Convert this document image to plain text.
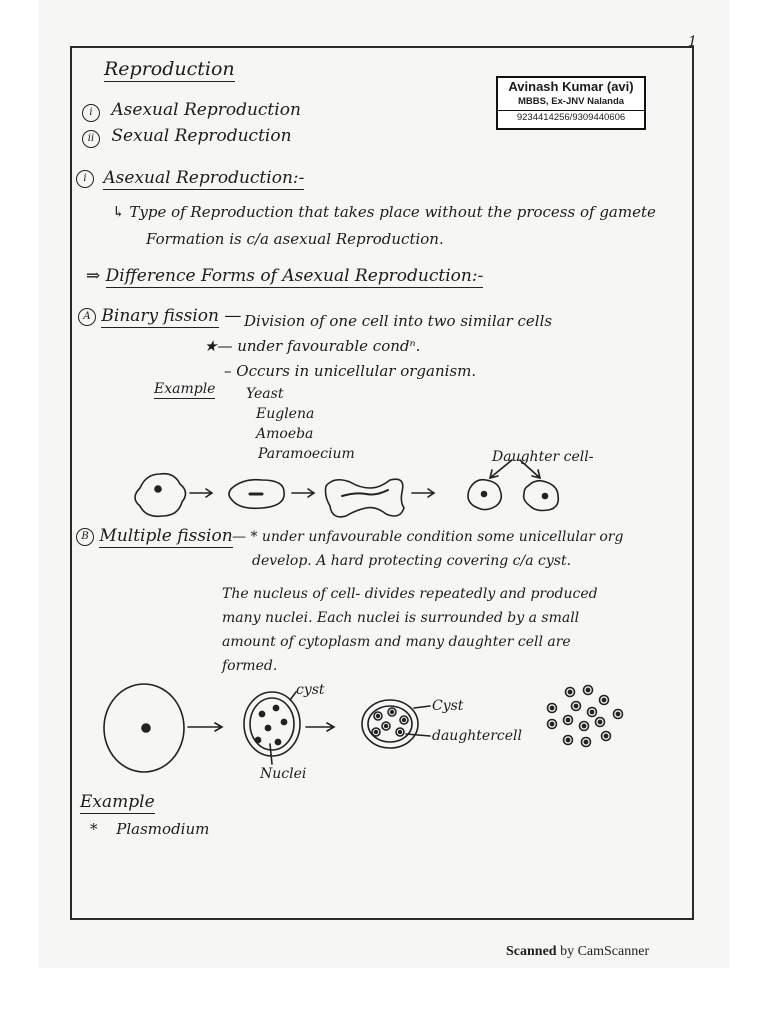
1
Reproduction
i Asexual Reproduction
ii Sexual Reproduction
Avinash Kumar (avi)
MBBS, Ex-JNV Nalanda
9234414256/9309440606
i Asexual Reproduction:-
↳ Type of Reproduction that takes place without the process of gamete
Formation is c/a asexual Reproduction.
⇒ Difference Forms of Asexual Reproduction:-
A Binary fission — Division of one cell into two similar cells
★— under favourable condⁿ.
– Occurs in unicellular organism.
Example Yeast
Euglena
Amoeba
Paramoecium	Daughter cell-
B Multiple fission — * under unfavourable condition some unicellular org
develop. A hard protecting covering c/a cyst.
The nucleus of cell- divides repeatedly and produced
many nuclei. Each nuclei is surrounded by a small
amount of cytoplasm and many daughter cell are
formed.
cyst
Nuclei
Cyst
daughtercell
Example
* Plasmodium
Scanned by CamScanner
